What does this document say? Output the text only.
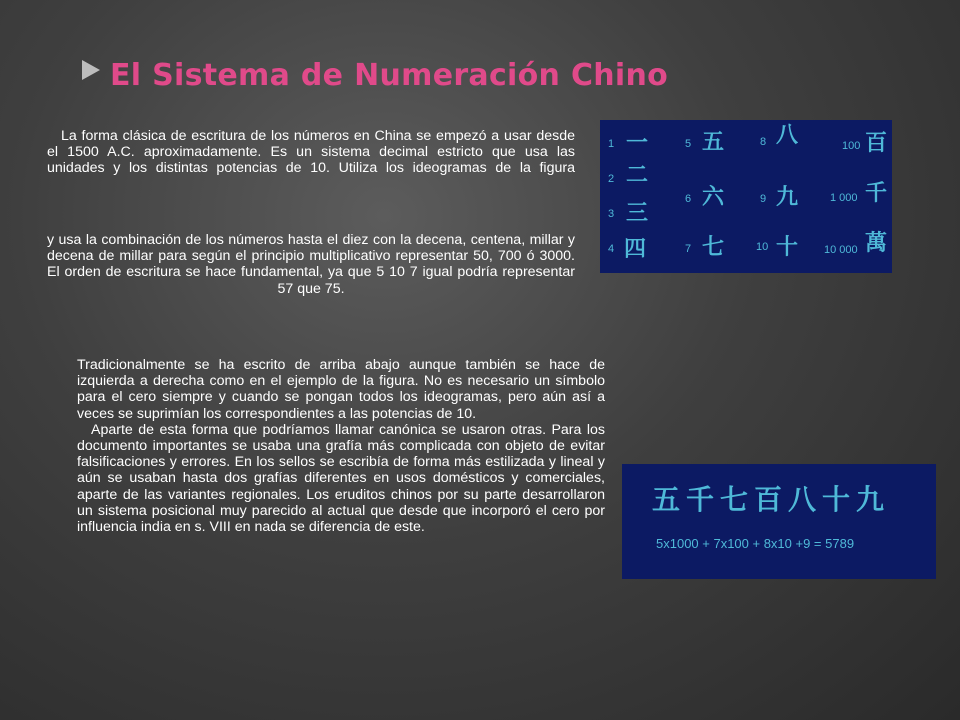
El Sistema de Numeración Chino
La forma clásica de escritura de los números en China se empezó a usar desde el 1500 A.C. aproximadamente. Es un sistema decimal estricto que usa las unidades y los distintas potencias de 10. Utiliza los ideogramas de la figura
y usa la combinación de los números hasta el diez con la decena, centena, millar y decena de millar para según el principio multiplicativo representar 50, 700 ó 3000. El orden de escritura se hace fundamental, ya que 5 10 7 igual podría representar 57 que 75.
Tradicionalmente se ha escrito de arriba abajo aunque también se hace de izquierda a derecha como en el ejemplo de la figura. No es necesario un símbolo para el cero siempre y cuando se pongan todos los ideogramas, pero aún así a veces se suprimían los correspondientes a las potencias de 10.
Aparte de esta forma que podríamos llamar canónica se usaron otras. Para los documento importantes se usaba una grafía más complicada con objeto de evitar falsificaciones y errores. En los sellos se escribía de forma más estilizada y lineal y aún se usaban hasta dos grafías diferentes en usos domésticos y comerciales, aparte de las variantes regionales. Los eruditos chinos por su parte desarrollaron un sistema posicional muy parecido al actual que desde que incorporó el cero por influencia india en s. VIII en nada se diferencia de este.
1 一
2 二
3 三
4 四
5 五
6 六
7 七
8 八
9 九
10 十
100 百
1 000 千
10 000 萬
五千七百八十九
5x1000 + 7x100 + 8x10 +9 = 5789
